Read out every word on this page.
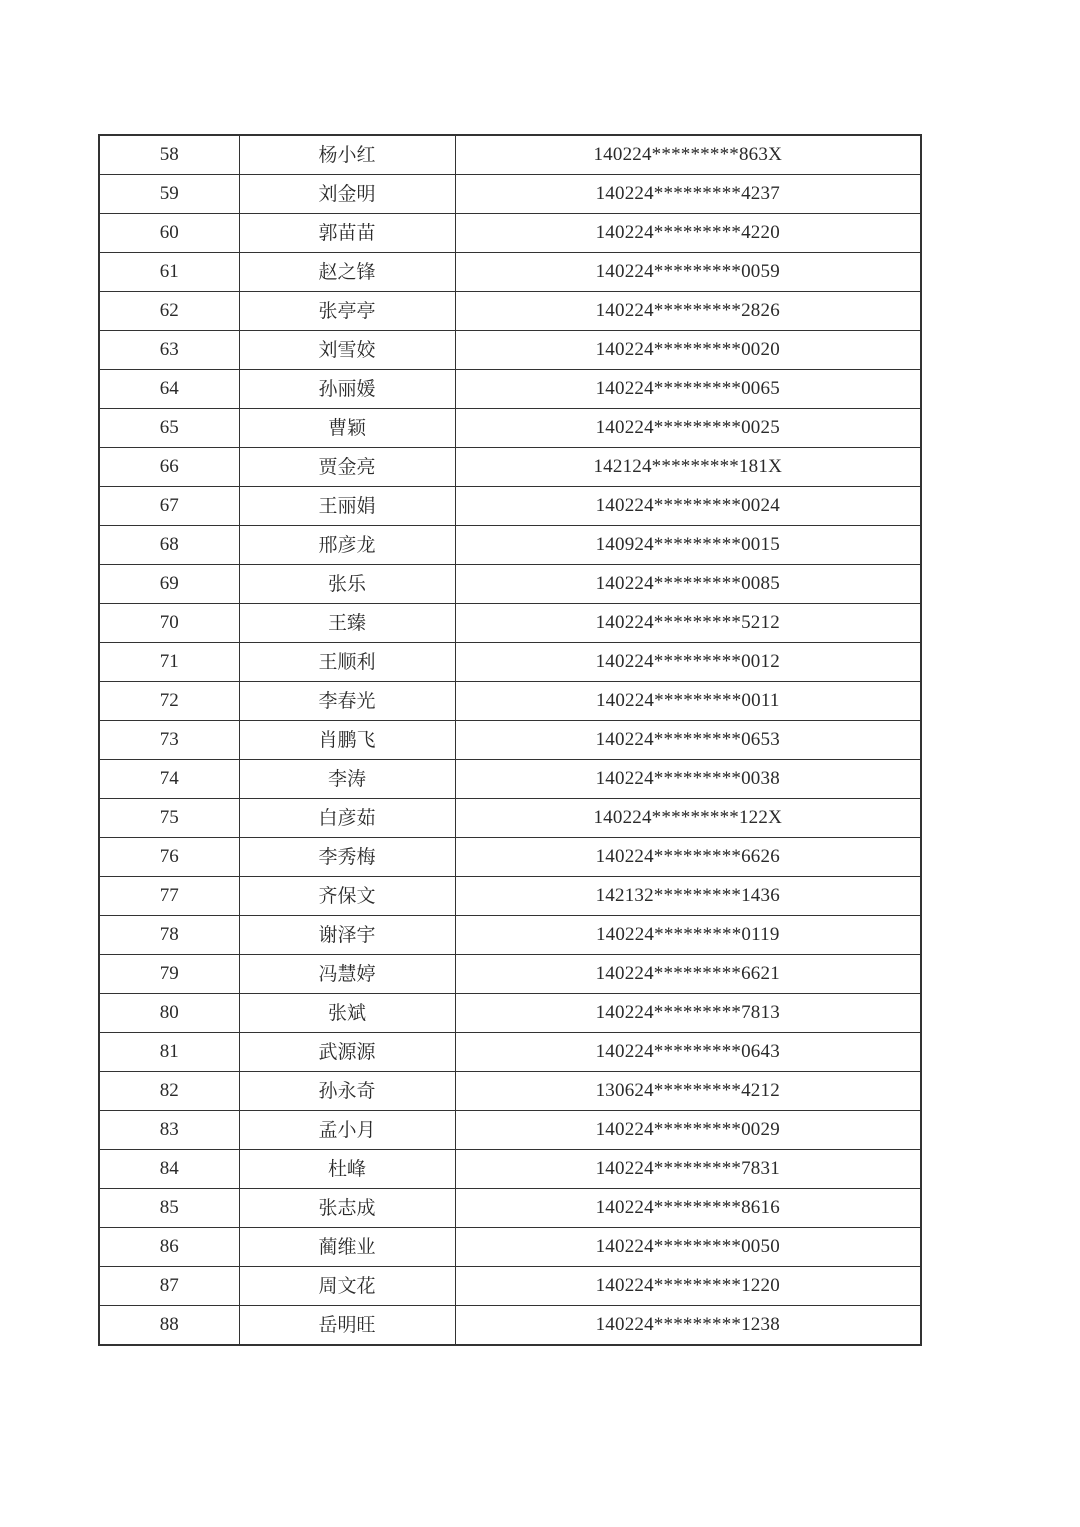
58	杨小红	140224*********863X
59	刘金明	140224*********4237
60	郭苗苗	140224*********4220
61	赵之锋	140224*********0059
62	张亭亭	140224*********2826
63	刘雪姣	140224*********0020
64	孙丽媛	140224*********0065
65	曹颖	140224*********0025
66	贾金亮	142124*********181X
67	王丽娟	140224*********0024
68	邢彦龙	140924*********0015
69	张乐	140224*********0085
70	王臻	140224*********5212
71	王顺利	140224*********0012
72	李春光	140224*********0011
73	肖鹏飞	140224*********0653
74	李涛	140224*********0038
75	白彦茹	140224*********122X
76	李秀梅	140224*********6626
77	齐保文	142132*********1436
78	谢泽宇	140224*********0119
79	冯慧婷	140224*********6621
80	张斌	140224*********7813
81	武源源	140224*********0643
82	孙永奇	130624*********4212
83	孟小月	140224*********0029
84	杜峰	140224*********7831
85	张志成	140224*********8616
86	蔺维业	140224*********0050
87	周文花	140224*********1220
88	岳明旺	140224*********1238
